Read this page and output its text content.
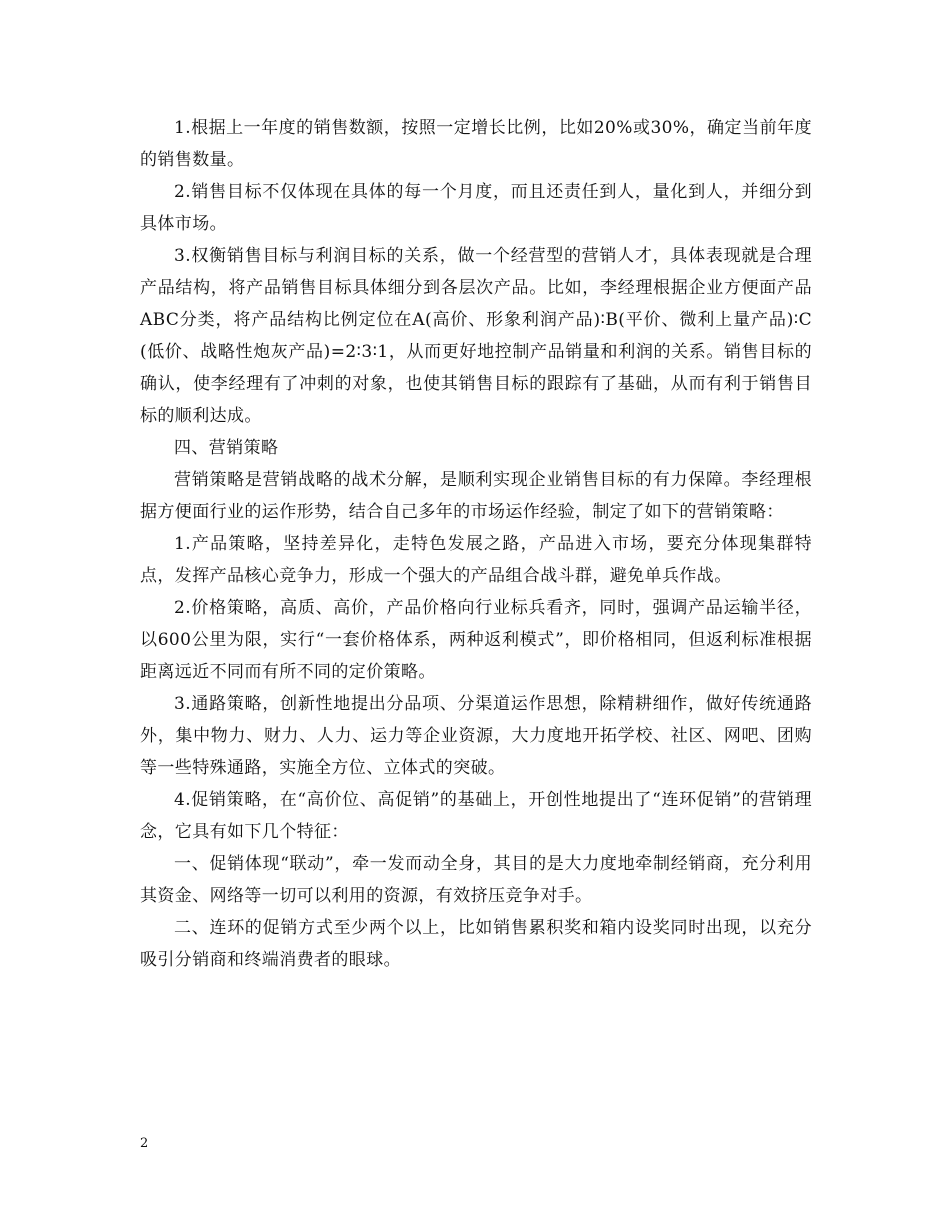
1.根据上一年度的销售数额，按照一定增长比例，比如20%或30%，确定当前年度的销售数量。

2.销售目标不仅体现在具体的每一个月度，而且还责任到人，量化到人，并细分到具体市场。

3.权衡销售目标与利润目标的关系，做一个经营型的营销人才，具体表现就是合理产品结构，将产品销售目标具体细分到各层次产品。比如，李经理根据企业方便面产品ABC分类，将产品结构比例定位在A(高价、形象利润产品)∶B(平价、微利上量产品)∶C(低价、战略性炮灰产品)=2∶3∶1，从而更好地控制产品销量和利润的关系。销售目标的确认，使李经理有了冲刺的对象，也使其销售目标的跟踪有了基础，从而有利于销售目标的顺利达成。

四、营销策略

营销策略是营销战略的战术分解，是顺利实现企业销售目标的有力保障。李经理根据方便面行业的运作形势，结合自己多年的市场运作经验，制定了如下的营销策略：

1.产品策略，坚持差异化，走特色发展之路，产品进入市场，要充分体现集群特点，发挥产品核心竞争力，形成一个强大的产品组合战斗群，避免单兵作战。

2.价格策略，高质、高价，产品价格向行业标兵看齐，同时，强调产品运输半径，以600公里为限，实行“一套价格体系，两种返利模式”，即价格相同，但返利标准根据距离远近不同而有所不同的定价策略。

3.通路策略，创新性地提出分品项、分渠道运作思想，除精耕细作，做好传统通路外，集中物力、财力、人力、运力等企业资源，大力度地开拓学校、社区、网吧、团购等一些特殊通路，实施全方位、立体式的突破。

4.促销策略，在“高价位、高促销”的基础上，开创性地提出了“连环促销”的营销理念，它具有如下几个特征：

一、促销体现“联动”，牵一发而动全身，其目的是大力度地牵制经销商，充分利用其资金、网络等一切可以利用的资源，有效挤压竞争对手。

二、连环的促销方式至少两个以上，比如销售累积奖和箱内设奖同时出现，以充分吸引分销商和终端消费者的眼球。

2
